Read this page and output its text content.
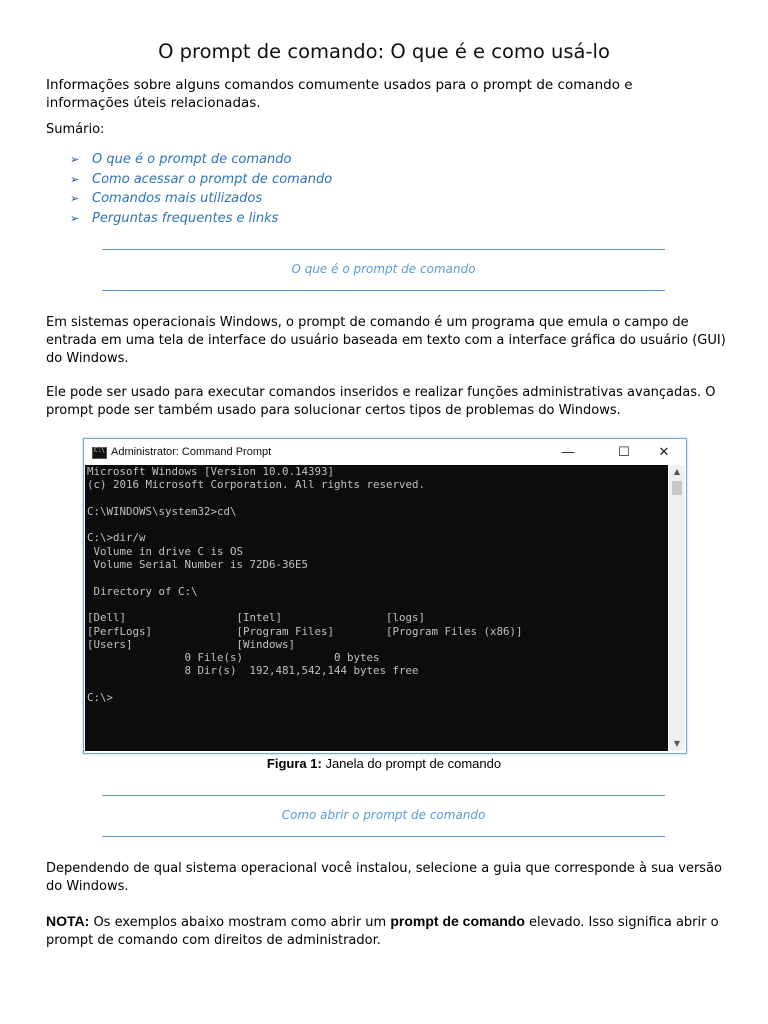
O prompt de comando: O que é e como usá-lo
Informações sobre alguns comandos comumente usados para o prompt de comando e informações úteis relacionadas.
Sumário:
➢ O que é o prompt de comando
➢ Como acessar o prompt de comando
➢ Comandos mais utilizados
➢ Perguntas frequentes e links
O que é o prompt de comando
Em sistemas operacionais Windows, o prompt de comando é um programa que emula o campo de entrada em uma tela de interface do usuário baseada em texto com a interface gráfica do usuário (GUI) do Windows.
Ele pode ser usado para executar comandos inseridos e realizar funções administrativas avançadas. O prompt pode ser também usado para solucionar certos tipos de problemas do Windows.
C:\
Administrator: Command Prompt	—	☐	✕
Microsoft Windows [Version 10.0.14393]
(c) 2016 Microsoft Corporation. All rights reserved.

C:\WINDOWS\system32>cd\

C:\>dir/w
Volume in drive C is OS
Volume Serial Number is 72D6-36E5

Directory of C:\

[Dell]                 [Intel]                [logs]
[PerfLogs]             [Program Files]        [Program Files (x86)]
[Users]                [Windows]
0 File(s)              0 bytes
8 Dir(s)  192,481,542,144 bytes free

C:\>
▲
▼
Figura 1: Janela do prompt de comando
Como abrir o prompt de comando
Dependendo de qual sistema operacional você instalou, selecione a guia que corresponde à sua versão do Windows.
NOTA: Os exemplos abaixo mostram como abrir um prompt de comando elevado. Isso significa abrir o prompt de comando com direitos de administrador.
